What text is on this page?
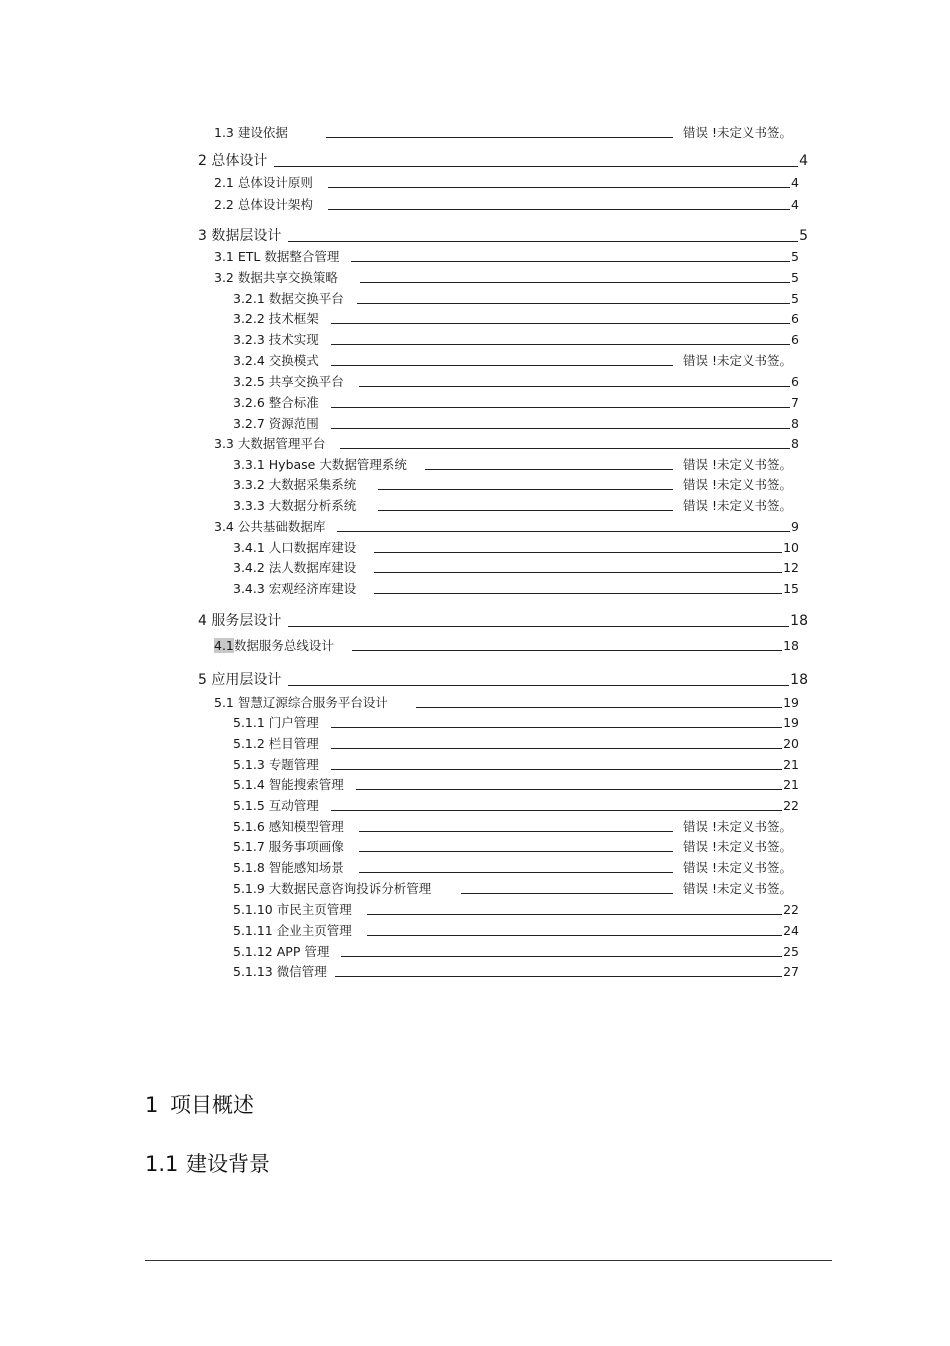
1.3 建设依据	错误 !未定义书签。
2 总体设计	4
2.1 总体设计原则	4
2.2 总体设计架构	4
3 数据层设计	5
3.1 ETL 数据整合管理	5
3.2 数据共享交换策略	5
3.2.1 数据交换平台	5
3.2.2 技术框架	6
3.2.3 技术实现	6
3.2.4 交换模式	错误 !未定义书签。
3.2.5 共享交换平台	6
3.2.6 整合标准	7
3.2.7 资源范围	8
3.3 大数据管理平台	8
3.3.1 Hybase 大数据管理系统	错误 !未定义书签。
3.3.2 大数据采集系统	错误 !未定义书签。
3.3.3 大数据分析系统	错误 !未定义书签。
3.4 公共基础数据库	9
3.4.1 人口数据库建设	10
3.4.2 法人数据库建设	12
3.4.3 宏观经济库建设	15
4 服务层设计	18
4.1数据服务总线设计	18
5 应用层设计	18
5.1 智慧辽源综合服务平台设计	19
5.1.1 门户管理	19
5.1.2 栏目管理	20
5.1.3 专题管理	21
5.1.4 智能搜索管理	21
5.1.5 互动管理	22
5.1.6 感知模型管理	错误 !未定义书签。
5.1.7 服务事项画像	错误 !未定义书签。
5.1.8 智能感知场景	错误 !未定义书签。
5.1.9 大数据民意咨询投诉分析管理	错误 !未定义书签。
5.1.10 市民主页管理	22
5.1.11 企业主页管理	24
5.1.12 APP 管理	25
5.1.13 微信管理	27
1 项目概述
1.1 建设背景
